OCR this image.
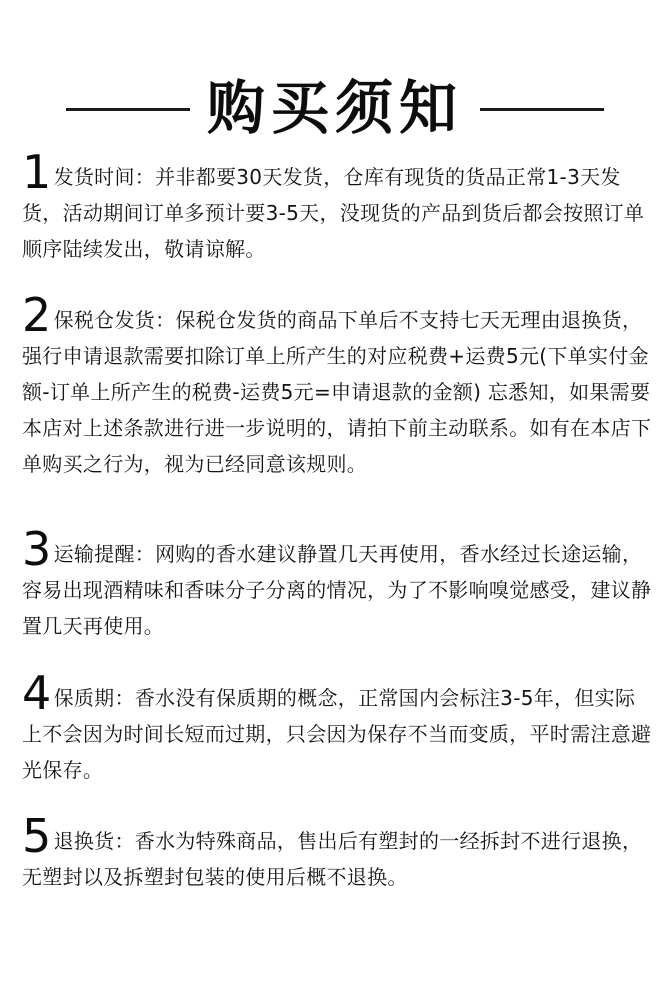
购买须知
1 发货时间：并非都要30天发货，仓库有现货的货品正常1-3天发货，活动期间订单多预计要3-5天，没现货的产品到货后都会按照订单顺序陆续发出，敬请谅解。
2 保税仓发货：保税仓发货的商品下单后不支持七天无理由退换货，强行申请退款需要扣除订单上所产生的对应税费+运费5元(下单实付金额-订单上所产生的税费-运费5元=申请退款的金额) 忘悉知，如果需要本店对上述条款进行进一步说明的，请拍下前主动联系。如有在本店下单购买之行为，视为已经同意该规则。
3 运输提醒：网购的香水建议静置几天再使用，香水经过长途运输，容易出现酒精味和香味分子分离的情况，为了不影响嗅觉感受，建议静置几天再使用。
4 保质期：香水没有保质期的概念，正常国内会标注3-5年，但实际上不会因为时间长短而过期，只会因为保存不当而变质，平时需注意避光保存。
5 退换货：香水为特殊商品，售出后有塑封的一经拆封不进行退换，无塑封以及拆塑封包装的使用后概不退换。
